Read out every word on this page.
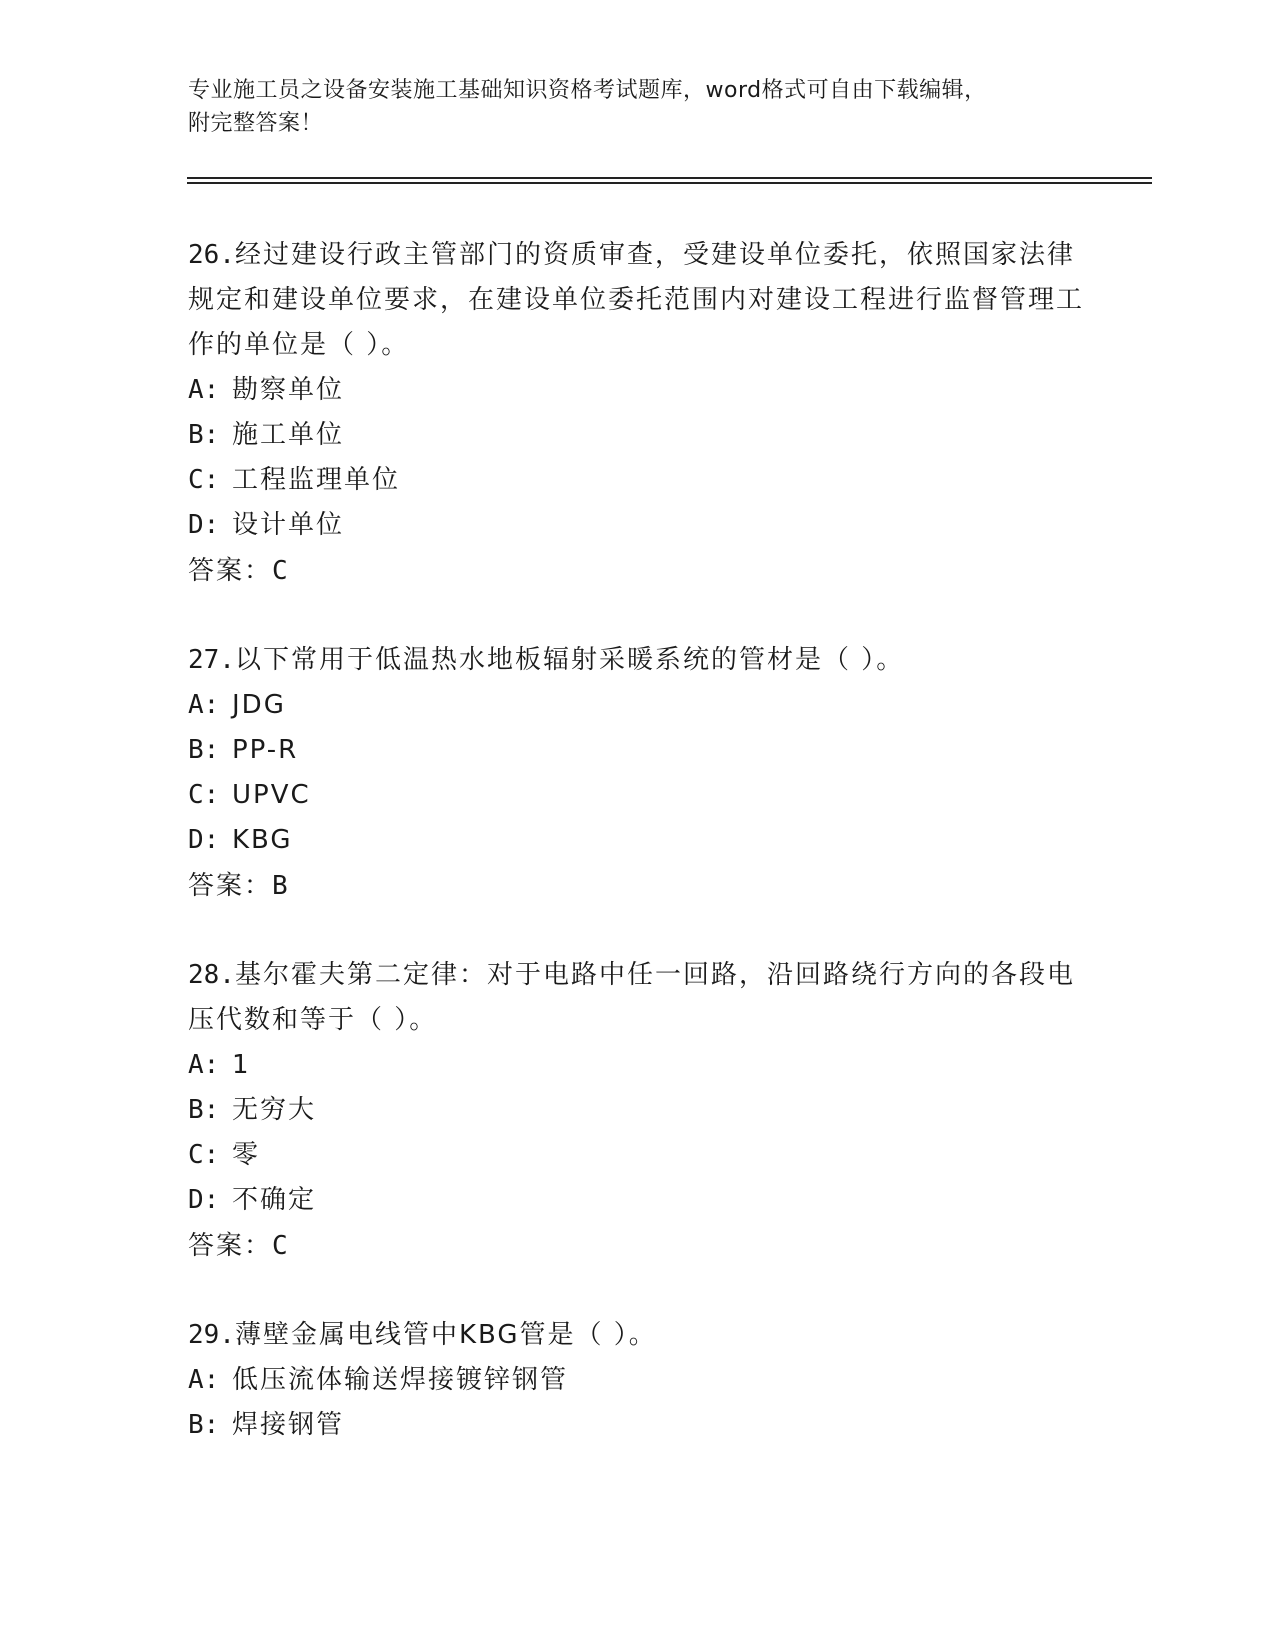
专业施工员之设备安装施工基础知识资格考试题库，word格式可自由下载编辑，
附完整答案！
26.经过建设行政主管部门的资质审查，受建设单位委托，依照国家法律规定和建设单位要求，在建设单位委托范围内对建设工程进行监督管理工作的单位是（ ）。
A: 勘察单位
B: 施工单位
C: 工程监理单位
D: 设计单位
答案：C
27.以下常用于低温热水地板辐射采暖系统的管材是（ ）。
A: JDG
B: PP-R
C: UPVC
D: KBG
答案：B
28.基尔霍夫第二定律：对于电路中任一回路，沿回路绕行方向的各段电压代数和等于（ ）。
A: 1
B: 无穷大
C: 零
D: 不确定
答案：C
29.薄壁金属电线管中KBG管是（ ）。
A: 低压流体输送焊接镀锌钢管
B: 焊接钢管
